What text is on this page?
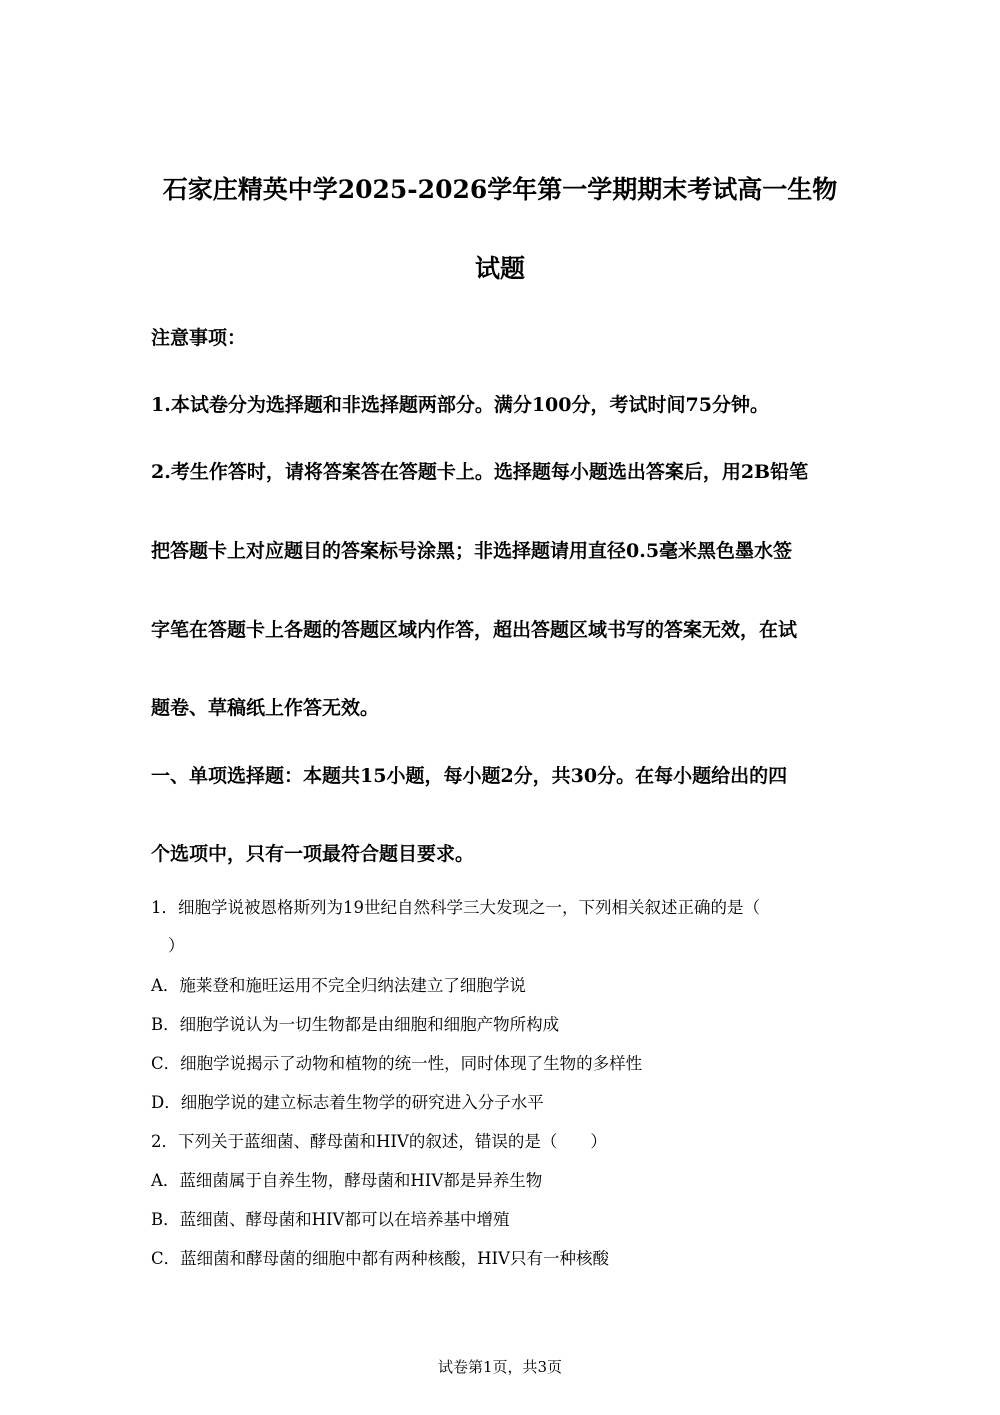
石家庄精英中学2025-2026学年第一学期期末考试高一生物
试题
注意事项：
1.本试卷分为选择题和非选择题两部分。满分100分，考试时间75分钟。
2.考生作答时，请将答案答在答题卡上。选择题每小题选出答案后，用2B铅笔
把答题卡上对应题目的答案标号涂黑；非选择题请用直径0.5毫米黑色墨水签
字笔在答题卡上各题的答题区域内作答，超出答题区域书写的答案无效，在试
题卷、草稿纸上作答无效。
一、单项选择题：本题共15小题，每小题2分，共30分。在每小题给出的四
个选项中，只有一项最符合题目要求。
1．细胞学说被恩格斯列为19世纪自然科学三大发现之一，下列相关叙述正确的是（
）
A．施莱登和施旺运用不完全归纳法建立了细胞学说
B．细胞学说认为一切生物都是由细胞和细胞产物所构成
C．细胞学说揭示了动物和植物的统一性，同时体现了生物的多样性
D．细胞学说的建立标志着生物学的研究进入分子水平
2．下列关于蓝细菌、酵母菌和HIV的叙述，错误的是（　　）
A．蓝细菌属于自养生物，酵母菌和HIV都是异养生物
B．蓝细菌、酵母菌和HIV都可以在培养基中增殖
C．蓝细菌和酵母菌的细胞中都有两种核酸，HIV只有一种核酸
试卷第1页，共3页
